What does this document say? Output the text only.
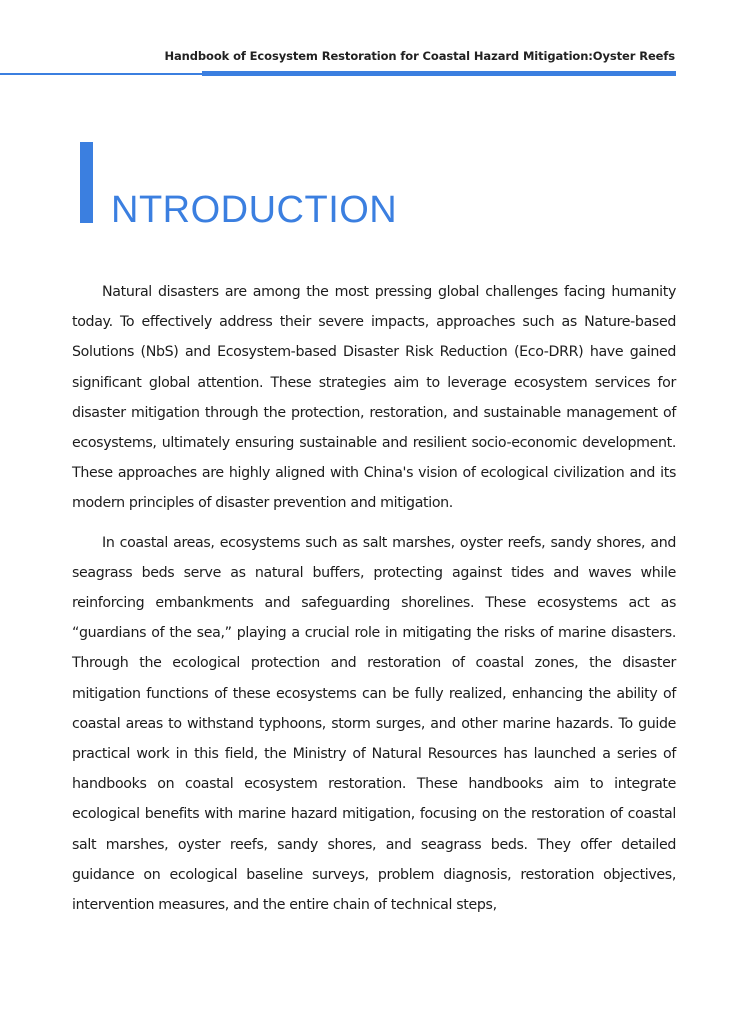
Handbook of Ecosystem Restoration for Coastal Hazard Mitigation:Oyster Reefs
NTRODUCTION

Natural disasters are among the most pressing global challenges facing humanity today. To effectively address their severe impacts, approaches such as Nature-based Solutions (NbS) and Ecosystem-based Disaster Risk Reduction (Eco-DRR) have gained significant global attention. These strategies aim to leverage ecosystem services for disaster mitigation through the protection, restoration, and sustainable management of ecosystems, ultimately ensuring sustainable and resilient socio-economic development. These approaches are highly aligned with China's vision of ecological civilization and its modern principles of disaster prevention and mitigation.

In coastal areas, ecosystems such as salt marshes, oyster reefs, sandy shores, and seagrass beds serve as natural buffers, protecting against tides and waves while reinforcing embankments and safeguarding shorelines. These ecosystems act as “guardians of the sea,” playing a crucial role in mitigating the risks of marine disasters. Through the ecological protection and restoration of coastal zones, the disaster mitigation functions of these ecosystems can be fully realized, enhancing the ability of coastal areas to withstand typhoons, storm surges, and other marine hazards. To guide practical work in this field, the Ministry of Natural Resources has launched a series of handbooks on coastal ecosystem restoration. These handbooks aim to integrate ecological benefits with marine hazard mitigation, focusing on the restoration of coastal salt marshes, oyster reefs, sandy shores, and seagrass beds. They offer detailed guidance on ecological baseline surveys, problem diagnosis, restoration objectives, intervention measures, and the entire chain of technical steps,
